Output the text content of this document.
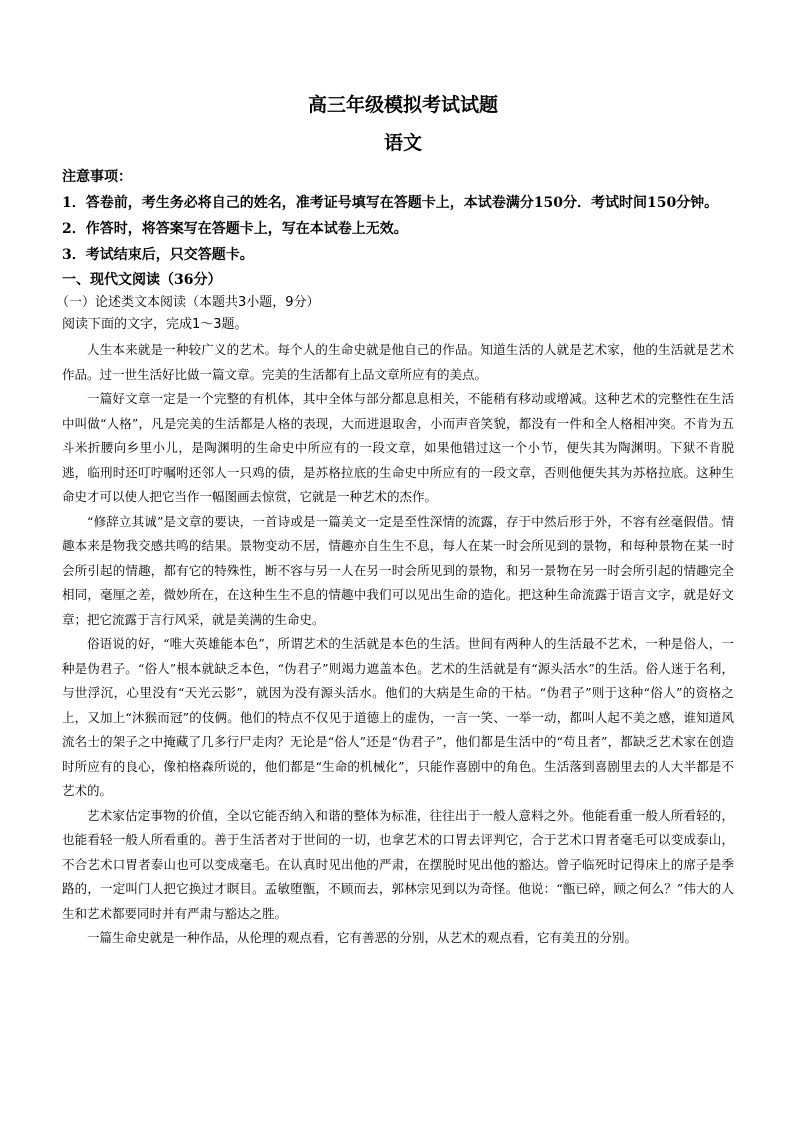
高三年级模拟考试试题
语文

注意事项：

1．答卷前，考生务必将自己的姓名，准考证号填写在答题卡上，本试卷满分150分．考试时间150分钟。

2．作答时，将答案写在答题卡上，写在本试卷上无效。

3．考试结束后，只交答题卡。

一、现代文阅读（36分）

（一）论述类文本阅读（本题共3小题，9分）

阅读下面的文字，完成1～3题。

人生本来就是一种较广义的艺术。每个人的生命史就是他自己的作品。知道生活的人就是艺术家，他的生活就是艺术作品。过一世生活好比做一篇文章。完美的生活都有上品文章所应有的美点。

一篇好文章一定是一个完整的有机体，其中全体与部分都息息相关，不能稍有移动或增减。这种艺术的完整性在生活中叫做“人格”，凡是完美的生活都是人格的表现，大而进退取舍，小而声音笑貌，都没有一件和全人格相冲突。不肯为五斗米折腰向乡里小儿，是陶渊明的生命史中所应有的一段文章，如果他错过这一个小节，便失其为陶渊明。下狱不肯脱逃，临刑时还叮咛嘱咐还邻人一只鸡的债，是苏格拉底的生命史中所应有的一段文章，否则他便失其为苏格拉底。这种生命史才可以使人把它当作一幅图画去惊赏，它就是一种艺术的杰作。

“修辞立其诚”是文章的要诀，一首诗或是一篇美文一定是至性深情的流露，存于中然后形于外，不容有丝毫假借。情趣本来是物我交感共鸣的结果。景物变动不居，情趣亦自生生不息，每人在某一时会所见到的景物，和每种景物在某一时会所引起的情趣，都有它的特殊性，断不容与另一人在另一时会所见到的景物，和另一景物在另一时会所引起的情趣完全相同，毫厘之差，微妙所在，在这种生生不息的情趣中我们可以见出生命的造化。把这种生命流露于语言文字，就是好文章；把它流露于言行风采，就是美满的生命史。

俗语说的好，“唯大英雄能本色”，所谓艺术的生活就是本色的生活。世间有两种人的生活最不艺术，一种是俗人，一种是伪君子。“俗人”根本就缺乏本色，“伪君子”则竭力遮盖本色。艺术的生活就是有“源头活水”的生活。俗人迷于名利，与世浮沉，心里没有“天光云影”，就因为没有源头活水。他们的大病是生命的干枯。“伪君子”则于这种“俗人”的资格之上，又加上“沐猴而冠”的伎俩。他们的特点不仅见于道德上的虚伪，一言一笑、一举一动，都叫人起不美之感，谁知道风流名士的架子之中掩藏了几多行尸走肉？无论是“俗人”还是“伪君子”，他们都是生活中的“苟且者”，都缺乏艺术家在创造时所应有的良心，像柏格森所说的，他们都是“生命的机械化”，只能作喜剧中的角色。生活落到喜剧里去的人大半都是不艺术的。

艺术家估定事物的价值，全以它能否纳入和谐的整体为标准，往往出于一般人意料之外。他能看重一般人所看轻的，也能看轻一般人所看重的。善于生活者对于世间的一切，也拿艺术的口胃去评判它，合于艺术口胃者毫毛可以变成泰山，不合艺术口胃者泰山也可以变成毫毛。在认真时见出他的严肃，在摆脱时见出他的豁达。曾子临死时记得床上的席子是季路的，一定叫门人把它换过才瞑目。孟敏堕甑，不顾而去，郭林宗见到以为奇怪。他说：“甑已碎，顾之何么？”伟大的人生和艺术都要同时并有严肃与豁达之胜。

一篇生命史就是一种作品，从伦理的观点看，它有善恶的分别，从艺术的观点看，它有美丑的分别。
